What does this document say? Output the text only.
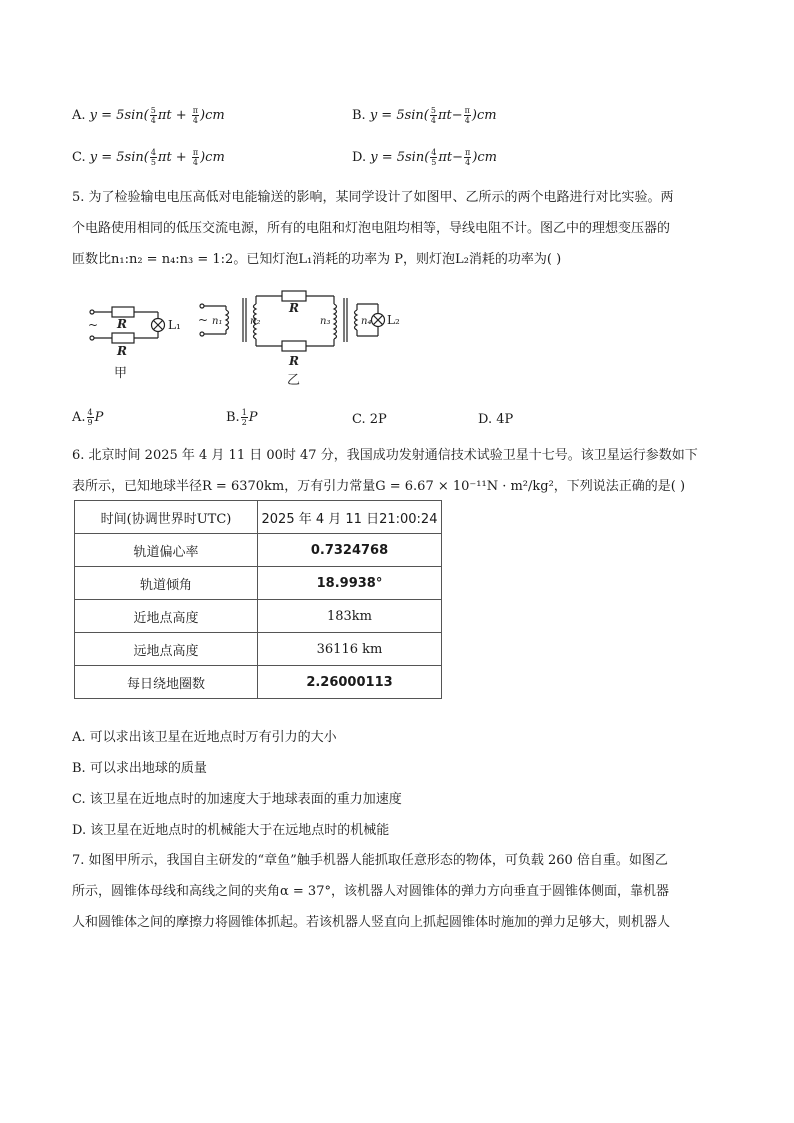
A. $y = 5\sin( \frac{5}{4}$ $\pi t + \frac{\pi}{4} )cm$	B. $y = 5\sin( \frac{5}{4} \pi t- \frac{\pi}{4} )cm$
C. $y = 5\sin( \frac{4}{5}$ $\pi t + \frac{\pi}{4} )cm$	D. $y = 5\sin( \frac{4}{5} \pi t- \frac{\pi}{4} )cm$
5. 为了检验输电电压高低对电能输送的影响，某同学设计了如图甲、乙所示的两个电路进行对比实验。两
个电路使用相同的低压交流电源，所有的电阻和灯泡电阻均相等，导线电阻不计。图乙中的理想变压器的
匝数比n₁:n₂ = n₄:n₃ = 1:2。已知灯泡L₁消耗的功率为 P，则灯泡L₂消耗的功率为( )
~ R
R
L₁
甲
~ n₁	n₂
R
R
n₃	n₄ L₂
乙
A. $\frac{4}{9}$ P	B. $\frac{1}{2}$ P	C. 2P	D. 4P
6. 北京时间 2025 年 4 月 11 日 00时 47 分，我国成功发射通信技术试验卫星十七号。该卫星运行参数如下
表所示，已知地球半径R = 6370km，万有引力常量G = 6.67 × 10⁻¹¹N · m²/kg²，下列说法正确的是( )
时间(协调世界时UTC)	2025 年 4 月 11 日21:00:24
轨道偏心率	0.7324768
轨道倾角	18.9938°
近地点高度	183km
远地点高度	36116 km
每日绕地圈数	2.26000113
A. 可以求出该卫星在近地点时万有引力的大小
B. 可以求出地球的质量
C. 该卫星在近地点时的加速度大于地球表面的重力加速度
D. 该卫星在近地点时的机械能大于在远地点时的机械能
7. 如图甲所示，我国自主研发的“章鱼”触手机器人能抓取任意形态的物体，可负载 260 倍自重。如图乙
所示，圆锥体母线和高线之间的夹角α = 37°，该机器人对圆锥体的弹力方向垂直于圆锥体侧面，靠机器
人和圆锥体之间的摩擦力将圆锥体抓起。若该机器人竖直向上抓起圆锥体时施加的弹力足够大，则机器人
